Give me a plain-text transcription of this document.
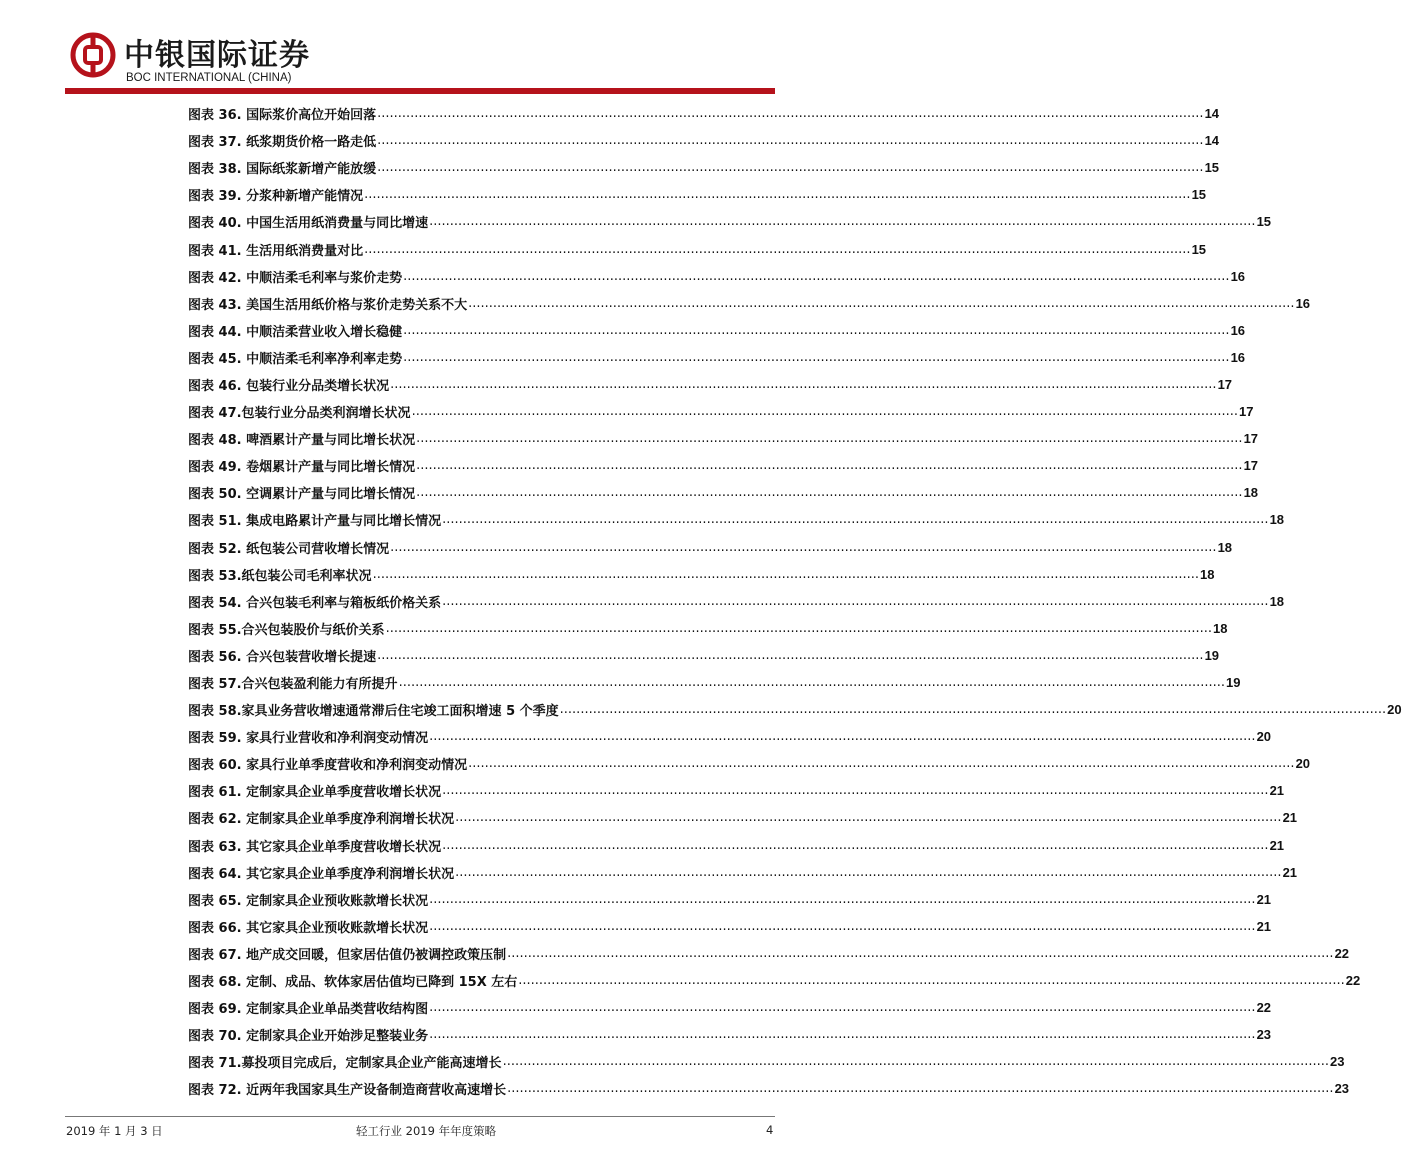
中银国际证券
BOC INTERNATIONAL (CHINA)
图表 36. 国际浆价高位开始回落 ........................................................................................................................................................................................................ 14
图表 37. 纸浆期货价格一路走低 ........................................................................................................................................................................................................ 14
图表 38. 国际纸浆新增产能放缓 ........................................................................................................................................................................................................ 15
图表 39. 分浆种新增产能情况 ........................................................................................................................................................................................................ 15
图表 40. 中国生活用纸消费量与同比增速 ........................................................................................................................................................................................................ 15
图表 41. 生活用纸消费量对比 ........................................................................................................................................................................................................ 15
图表 42. 中顺洁柔毛利率与浆价走势 ........................................................................................................................................................................................................ 16
图表 43. 美国生活用纸价格与浆价走势关系不大 ........................................................................................................................................................................................................ 16
图表 44. 中顺洁柔营业收入增长稳健 ........................................................................................................................................................................................................ 16
图表 45. 中顺洁柔毛利率净利率走势 ........................................................................................................................................................................................................ 16
图表 46. 包装行业分品类增长状况 ........................................................................................................................................................................................................ 17
图表 47.包装行业分品类利润增长状况 ........................................................................................................................................................................................................ 17
图表 48. 啤酒累计产量与同比增长状况 ........................................................................................................................................................................................................ 17
图表 49. 卷烟累计产量与同比增长情况 ........................................................................................................................................................................................................ 17
图表 50. 空调累计产量与同比增长情况 ........................................................................................................................................................................................................ 18
图表 51. 集成电路累计产量与同比增长情况 ........................................................................................................................................................................................................ 18
图表 52. 纸包装公司营收增长情况 ........................................................................................................................................................................................................ 18
图表 53.纸包装公司毛利率状况 ........................................................................................................................................................................................................ 18
图表 54. 合兴包装毛利率与箱板纸价格关系 ........................................................................................................................................................................................................ 18
图表 55.合兴包装股价与纸价关系 ........................................................................................................................................................................................................ 18
图表 56. 合兴包装营收增长提速 ........................................................................................................................................................................................................ 19
图表 57.合兴包装盈利能力有所提升 ........................................................................................................................................................................................................ 19
图表 58.家具业务营收增速通常滞后住宅竣工面积增速 5 个季度 ........................................................................................................................................................................................................ 20
图表 59. 家具行业营收和净利润变动情况 ........................................................................................................................................................................................................ 20
图表 60. 家具行业单季度营收和净利润变动情况 ........................................................................................................................................................................................................ 20
图表 61. 定制家具企业单季度营收增长状况 ........................................................................................................................................................................................................ 21
图表 62. 定制家具企业单季度净利润增长状况 ........................................................................................................................................................................................................ 21
图表 63. 其它家具企业单季度营收增长状况 ........................................................................................................................................................................................................ 21
图表 64. 其它家具企业单季度净利润增长状况 ........................................................................................................................................................................................................ 21
图表 65. 定制家具企业预收账款增长状况 ........................................................................................................................................................................................................ 21
图表 66. 其它家具企业预收账款增长状况 ........................................................................................................................................................................................................ 21
图表 67. 地产成交回暖，但家居估值仍被调控政策压制 ........................................................................................................................................................................................................ 22
图表 68. 定制、成品、软体家居估值均已降到 15X 左右 ........................................................................................................................................................................................................ 22
图表 69. 定制家具企业单品类营收结构图 ........................................................................................................................................................................................................ 22
图表 70. 定制家具企业开始涉足整装业务 ........................................................................................................................................................................................................ 23
图表 71.募投项目完成后，定制家具企业产能高速增长 ........................................................................................................................................................................................................ 23
图表 72. 近两年我国家具生产设备制造商营收高速增长 ........................................................................................................................................................................................................ 23
2019 年 1 月 3 日	轻工行业 2019 年年度策略	4
